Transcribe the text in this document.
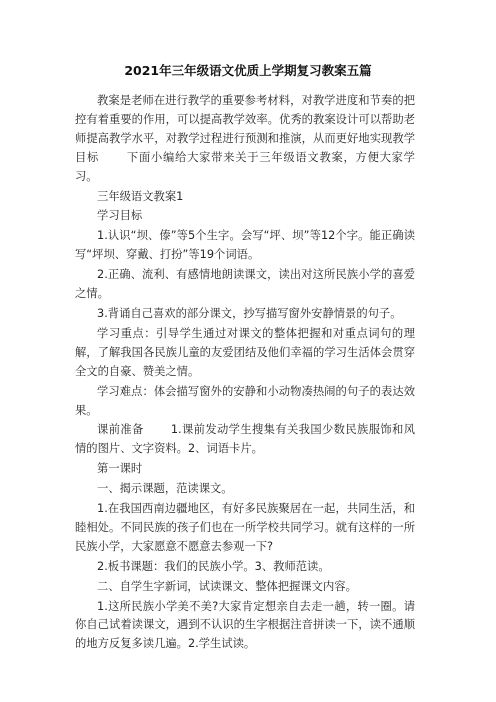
2021年三年级语文优质上学期复习教案五篇

教案是老师在进行教学的重要参考材料，对教学进度和节奏的把控有着重要的作用，可以提高教学效率。优秀的教案设计可以帮助老师提高教学水平，对教学过程进行预测和推演，从而更好地实现教学目标 下面小编给大家带来关于三年级语文教案，方便大家学习。

三年级语文教案1

学习目标

1.认识“坝、傣”等5个生字。会写“坪、坝”等12个字。能正确读写“坪坝、穿戴、打扮”等19个词语。

2.正确、流利、有感情地朗读课文，读出对这所民族小学的喜爱之情。

3.背诵自己喜欢的部分课文，抄写描写窗外安静情景的句子。

学习重点：引导学生通过对课文的整体把握和对重点词句的理解，了解我国各民族儿童的友爱团结及他们幸福的学习生活体会贯穿全文的自豪、赞美之情。

学习难点：体会描写窗外的安静和小动物凑热闹的句子的表达效果。

课前准备 1.课前发动学生搜集有关我国少数民族服饰和风情的图片、文字资料。2、词语卡片。

第一课时

一、揭示课题，范读课文。

1.在我国西南边疆地区，有好多民族聚居在一起，共同生活，和睦相处。不同民族的孩子们也在一所学校共同学习。就有这样的一所民族小学，大家愿意不愿意去参观一下?

2.板书课题：我们的民族小学。3、教师范读。

二、自学生字新词，试读课文、整体把握课文内容。

1.这所民族小学美不美?大家肯定想亲自去走一趟，转一圈。请你自己试着读课文，遇到不认识的生字根据注音拼读一下，读不通顺的地方反复多读几遍。2.学生试读。
